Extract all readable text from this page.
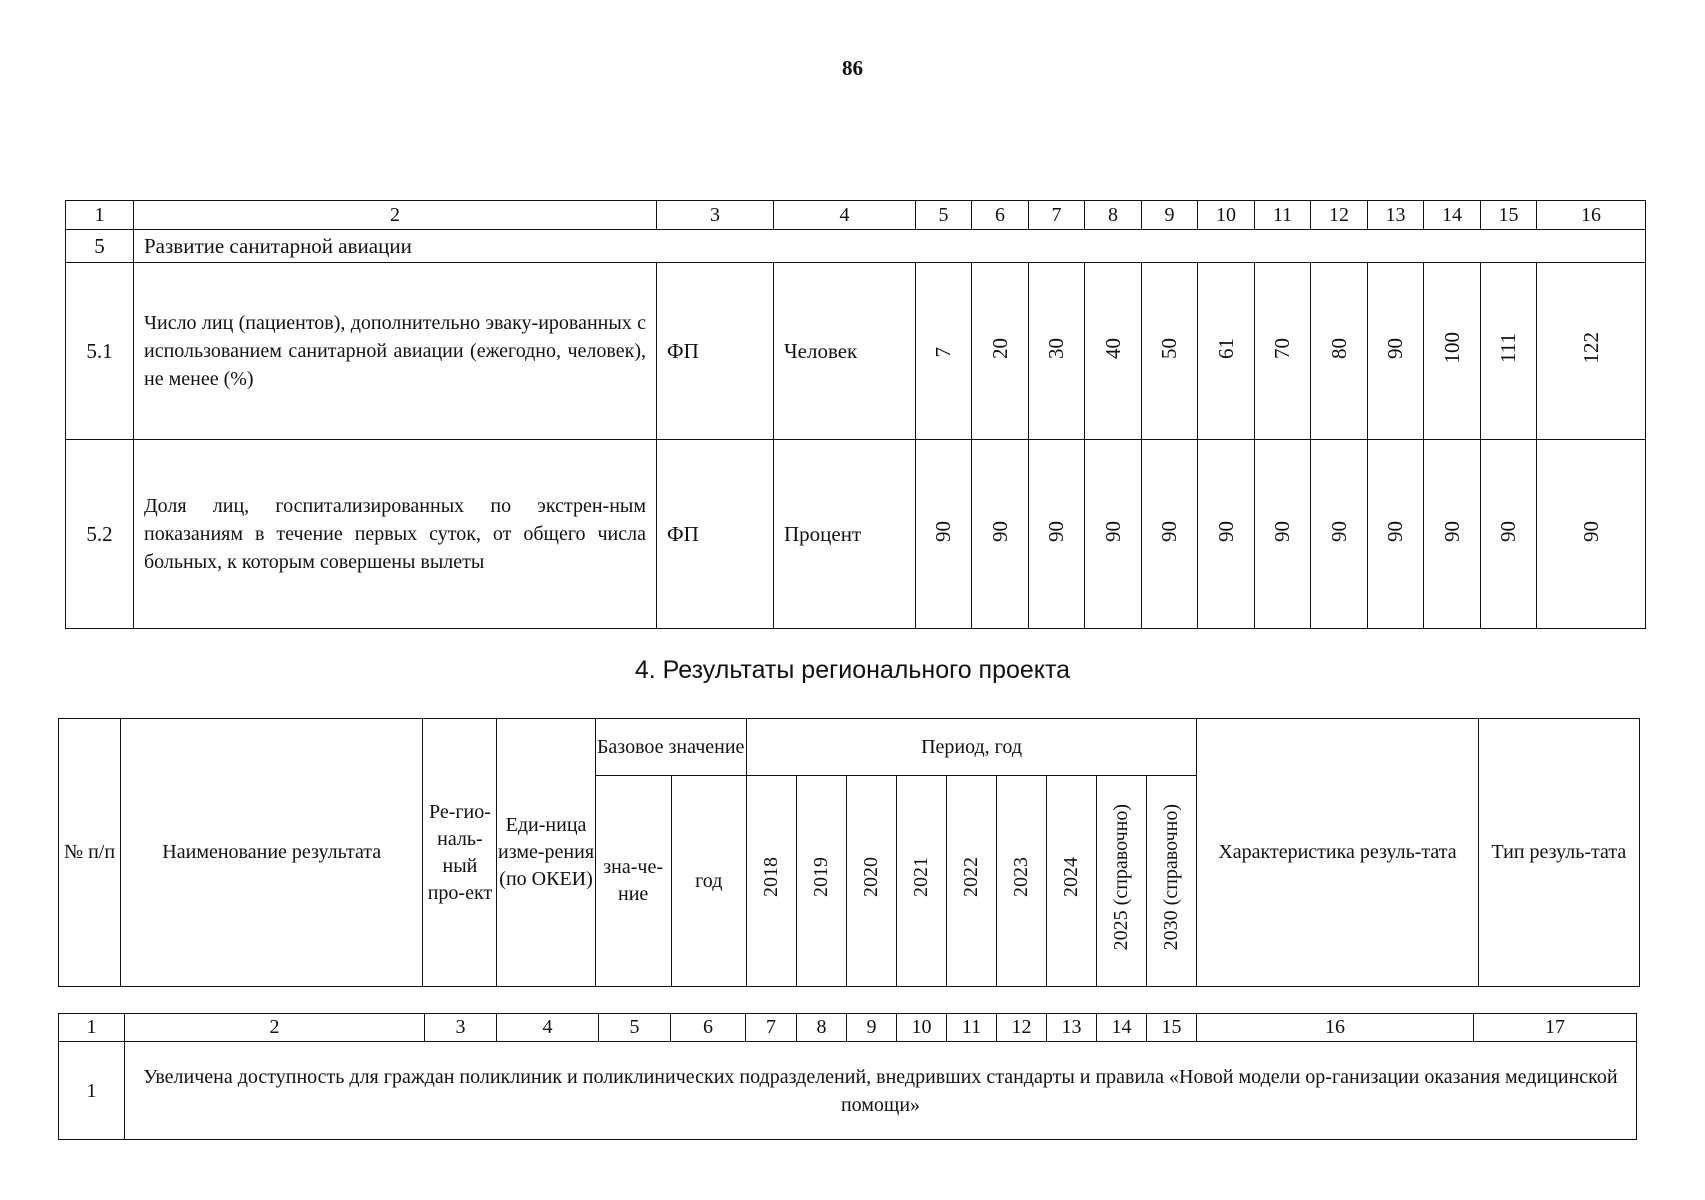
86
1	2	3	4	5	6	7	8	9	10	11	12	13	14	15	16
5	Развитие санитарной авиации														
5.1	Число лиц (пациентов), дополнительно эваку-ированных с использованием санитарной авиации (ежегодно, человек), не менее (%)	ФП	Человек	7	20	30	40	50	61	70	80	90	100	111	122
5.2	Доля лиц, госпитализированных по экстрен-ным показаниям в течение первых суток, от общего числа больных, к которым совершены вылеты	ФП	Процент	90	90	90	90	90	90	90	90	90	90	90	90
4. Результаты регионального проекта
№ п/п	Наименование результата	Ре-гио-наль-ный про-ект	Еди-ница изме-рения (по ОКЕИ)	Базовое значение		Период, год									Характеристика резуль-тата	Тип резуль-тата
				зна-че-ние	год	2018	2019	2020	2021	2022	2023	2024	2025 (справочно)	2030 (справочно)		
1	2	3	4	5	6	7	8	9	10	11	12	13	14	15	16	17
1	Увеличена доступность для граждан поликлиник и поликлинических подразделений, внедривших стандарты и правила «Новой модели ор-ганизации оказания медицинской помощи»															
